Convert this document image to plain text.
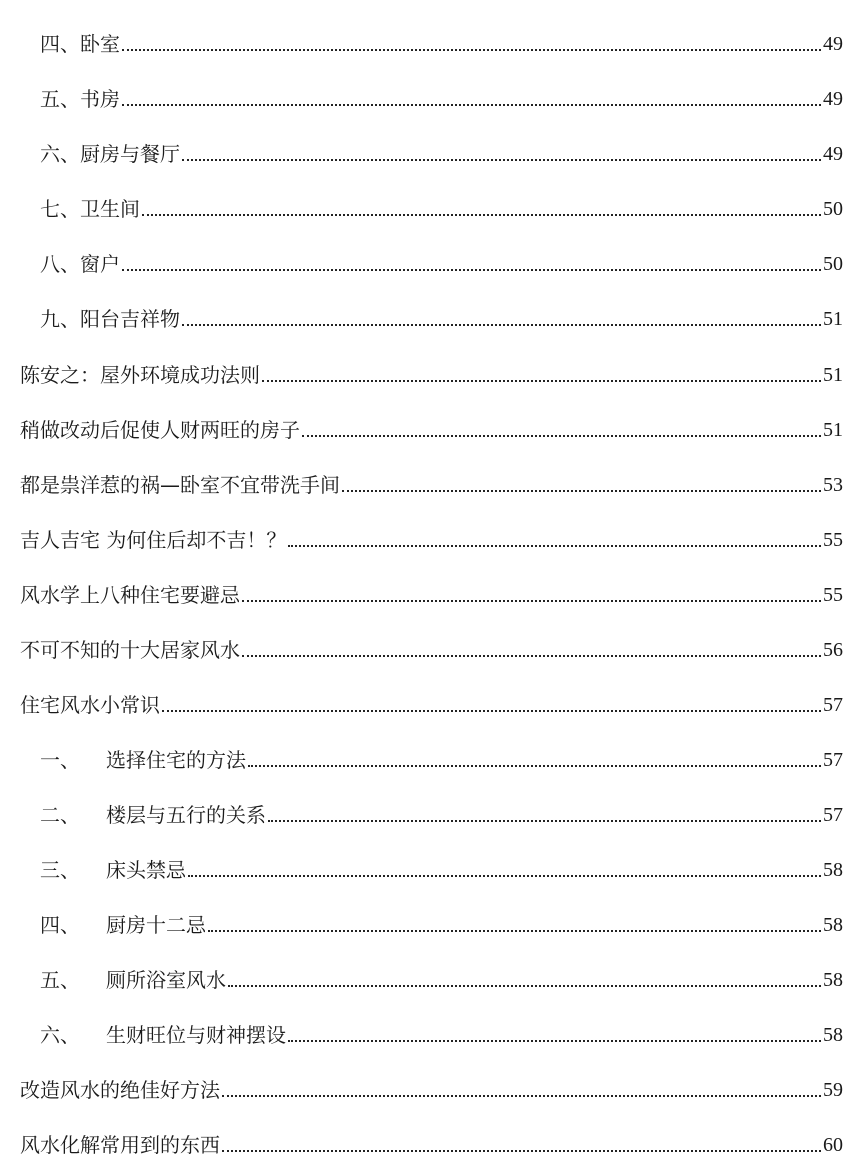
四、卧室	49
五、书房	49
六、厨房与餐厅	49
七、卫生间	50
八、窗户	50
九、阳台吉祥物	51
陈安之：屋外环境成功法则	51
稍做改动后促使人财两旺的房子	51
都是祟洋惹的祸—卧室不宜带洗手间	53
吉人吉宅 为何住后却不吉！？	55
风水学上八种住宅要避忌	55
不可不知的十大居家风水	56
住宅风水小常识	57
一、 选择住宅的方法	57
二、 楼层与五行的关系	57
三、 床头禁忌	58
四、 厨房十二忌	58
五、 厕所浴室风水	58
六、 生财旺位与财神摆设	58
改造风水的绝佳好方法	59
风水化解常用到的东西	60
